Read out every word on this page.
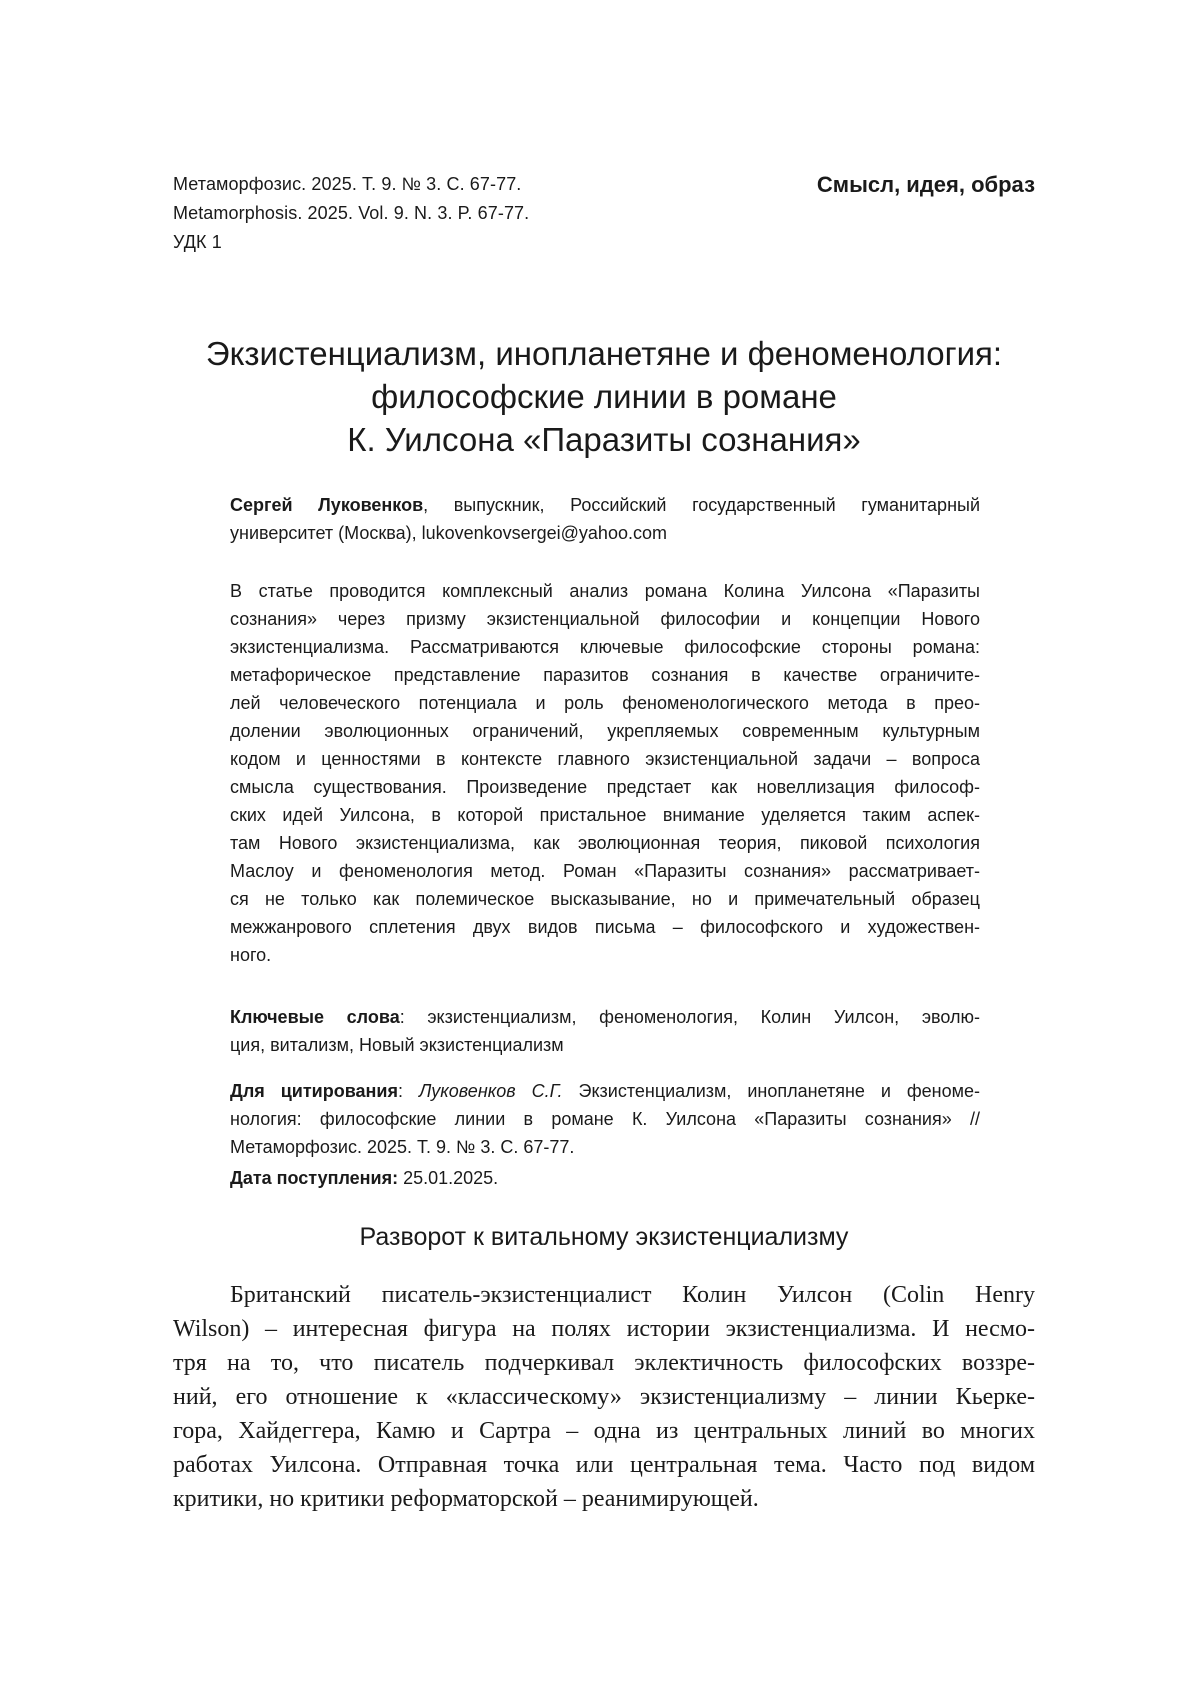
Метаморфозис. 2025. Т. 9. № 3. С. 67-77.
Metamorphosis. 2025. Vol. 9. N. 3. P. 67-77.
УДК 1
Смысл, идея, образ
Экзистенциализм, инопланетяне и феноменология:
философские линии в романе
К. Уилсона «Паразиты сознания»
Сергей Луковенков, выпускник, Российский государственный гуманитарный
университет (Москва), lukovenkovsergei@yahoo.com
В статье проводится комплексный анализ романа Колина Уилсона «Паразиты
сознания» через призму экзистенциальной философии и концепции Нового
экзистенциализма. Рассматриваются ключевые философские стороны романа:
метафорическое представление паразитов сознания в качестве ограничите-
лей человеческого потенциала и роль феноменологического метода в прео-
долении эволюционных ограничений, укрепляемых современным культурным
кодом и ценностями в контексте главного экзистенциальной задачи – вопроса
смысла существования. Произведение предстает как новеллизация философ-
ских идей Уилсона, в которой пристальное внимание уделяется таким аспек-
там Нового экзистенциализма, как эволюционная теория, пиковой психология
Маслоу и феноменология метод. Роман «Паразиты сознания» рассматривает-
ся не только как полемическое высказывание, но и примечательный образец
межжанрового сплетения двух видов письма – философского и художествен-
ного.
Ключевые слова: экзистенциализм, феноменология, Колин Уилсон, эволю-
ция, витализм, Новый экзистенциализм
Для цитирования: Луковенков С.Г. Экзистенциализм, инопланетяне и феноме-
нология: философские линии в романе К. Уилсона «Паразиты сознания» //
Метаморфозис. 2025. Т. 9. № 3. С. 67-77.
Дата поступления: 25.01.2025.
Разворот к витальному экзистенциализму
Британский писатель-экзистенциалист Колин Уилсон (Colin Henry
Wilson) – интересная фигура на полях истории экзистенциализма. И несмо-
тря на то, что писатель подчеркивал эклектичность философских воззре-
ний, его отношение к «классическому» экзистенциализму – линии Кьерке-
гора, Хайдеггера, Камю и Сартра – одна из центральных линий во многих
работах Уилсона. Отправная точка или центральная тема. Часто под видом
критики, но критики реформаторской – реанимирующей.
